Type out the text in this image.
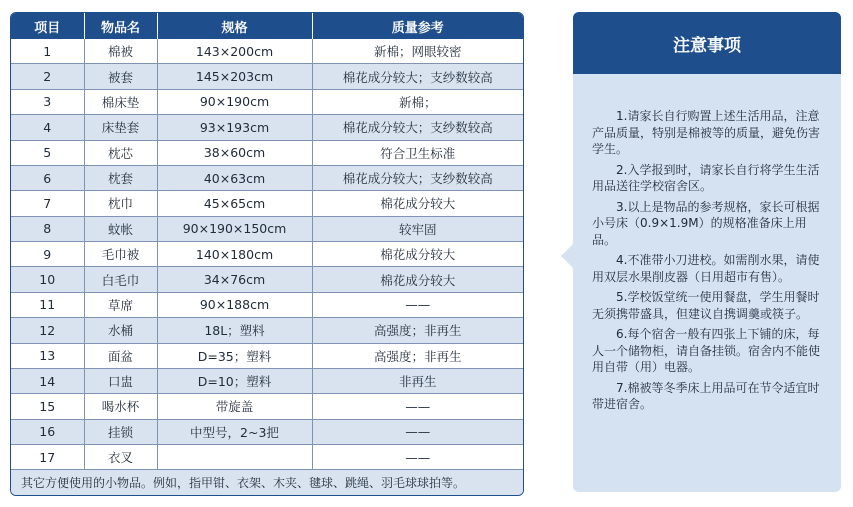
项目	物品名	规格	质量参考
1	棉被	143×200cm	新棉；网眼较密
2	被套	145×203cm	棉花成分较大；支纱数较高
3	棉床垫	90×190cm	新棉；
4	床垫套	93×193cm	棉花成分较大；支纱数较高
5	枕芯	38×60cm	符合卫生标准
6	枕套	40×63cm	棉花成分较大；支纱数较高
7	枕巾	45×65cm	棉花成分较大
8	蚊帐	90×190×150cm	较牢固
9	毛巾被	140×180cm	棉花成分较大
10	白毛巾	34×76cm	棉花成分较大
11	草席	90×188cm	——
12	水桶	18L；塑料	高强度；非再生
13	面盆	D=35；塑料	高强度；非再生
14	口盅	D=10；塑料	非再生
15	喝水杯	带旋盖	——
16	挂锁	中型号，2~3把	——
17	衣叉		——
其它方便使用的小物品。例如，指甲钳、衣架、木夹、毽球、跳绳、羽毛球球拍等。			
注意事项

1.请家长自行购置上述生活用品，注意产品质量，特别是棉被等的质量，避免伤害学生。

2.入学报到时，请家长自行将学生生活用品送往学校宿舍区。

3.以上是物品的参考规格，家长可根据小号床（0.9×1.9M）的规格准备床上用品。

4.不准带小刀进校。如需削水果，请使用双层水果削皮器（日用超市有售）。

5.学校饭堂统一使用餐盘，学生用餐时无须携带盛具，但建议自携调羹或筷子。

6.每个宿舍一般有四张上下铺的床，每人一个储物柜，请自备挂锁。宿舍内不能使用自带（用）电器。

7.棉被等冬季床上用品可在节令适宜时带进宿舍。
